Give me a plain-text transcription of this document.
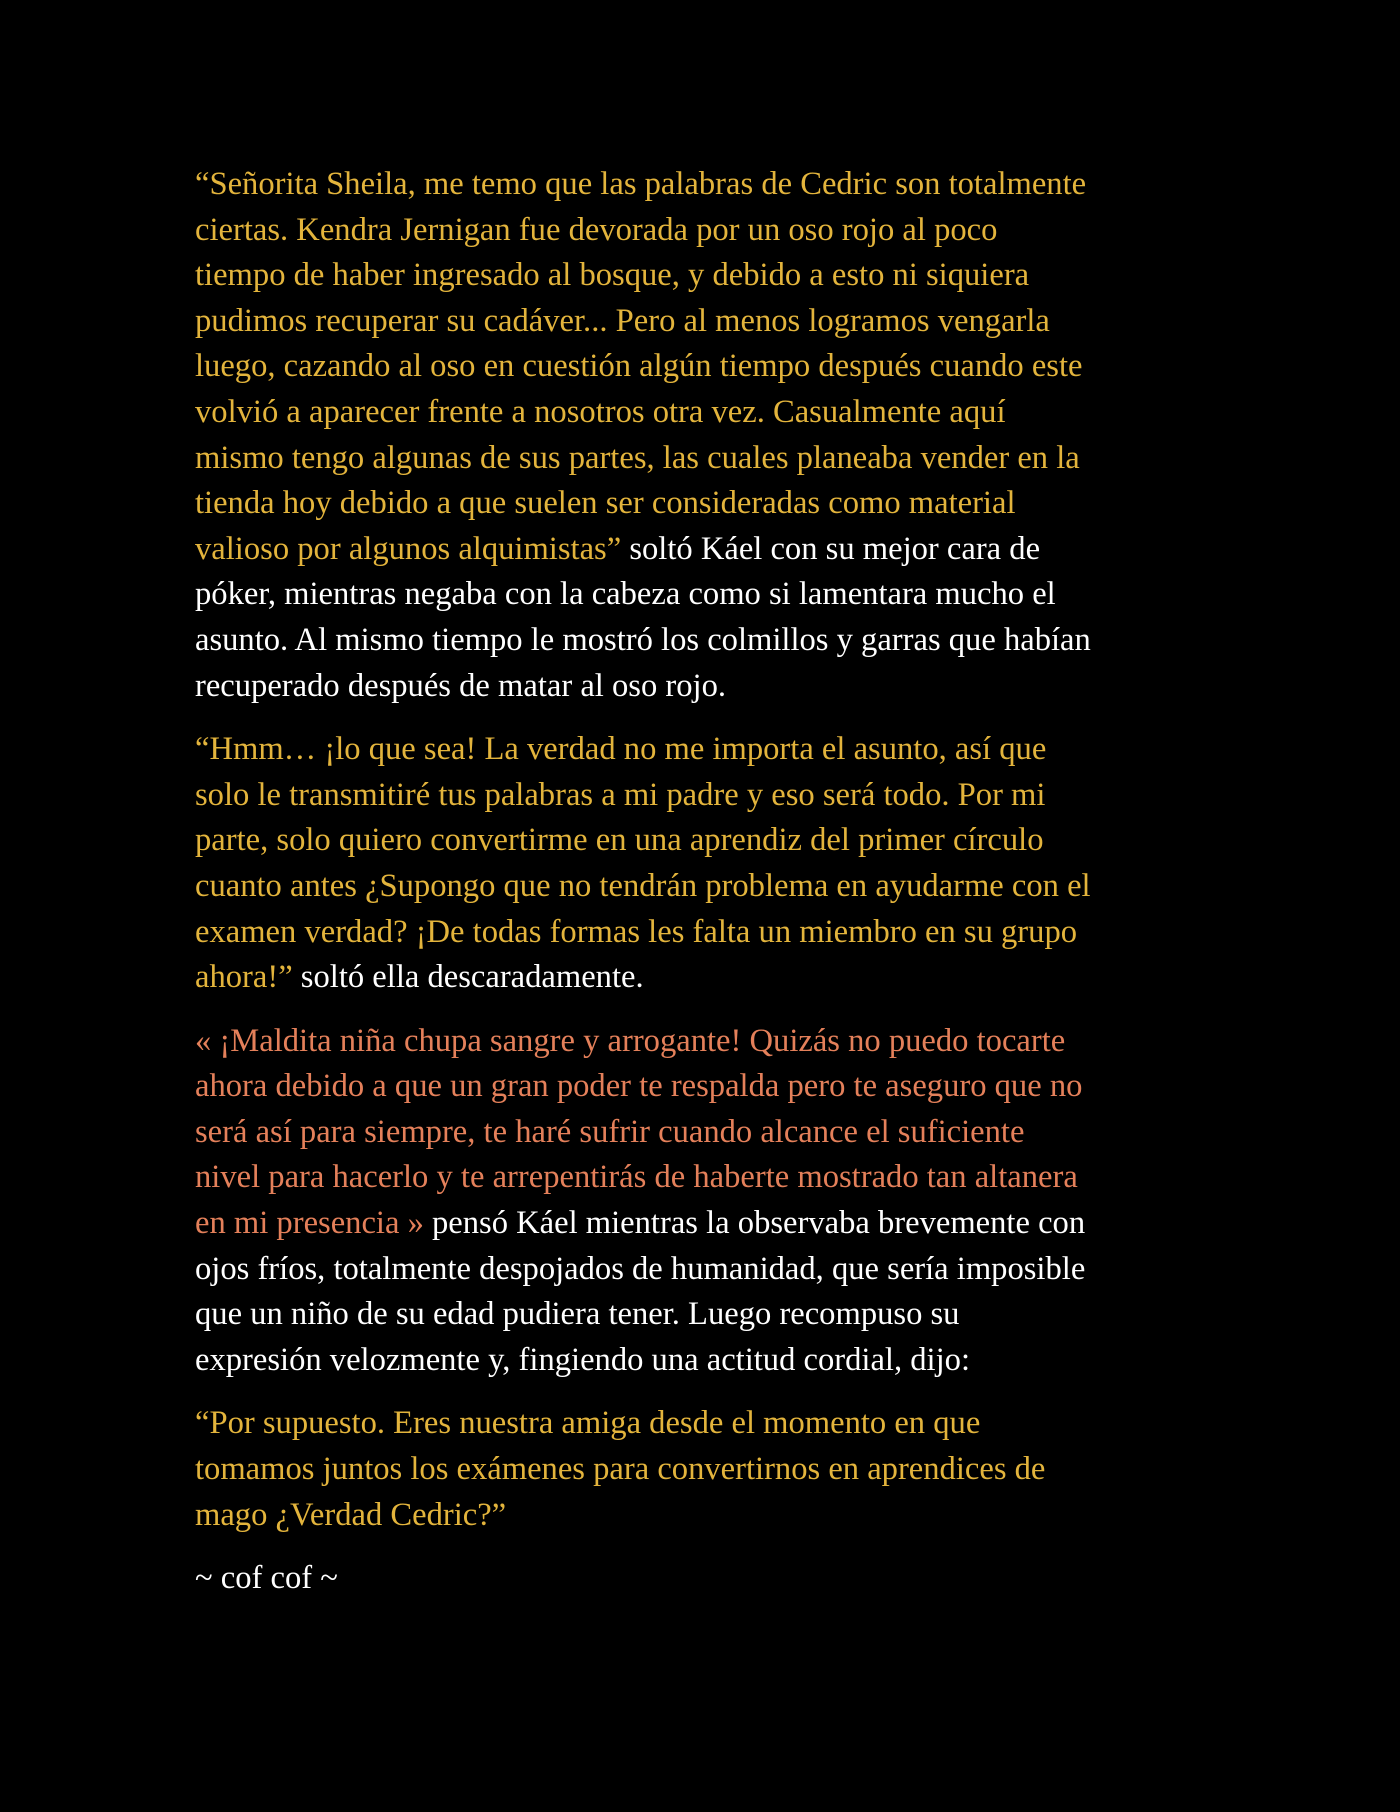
“Señorita Sheila, me temo que las palabras de Cedric son totalmente
ciertas. Kendra Jernigan fue devorada por un oso rojo al poco
tiempo de haber ingresado al bosque, y debido a esto ni siquiera
pudimos recuperar su cadáver... Pero al menos logramos vengarla
luego, cazando al oso en cuestión algún tiempo después cuando este
volvió a aparecer frente a nosotros otra vez. Casualmente aquí
mismo tengo algunas de sus partes, las cuales planeaba vender en la
tienda hoy debido a que suelen ser consideradas como material
valioso por algunos alquimistas” soltó Káel con su mejor cara de
póker, mientras negaba con la cabeza como si lamentara mucho el
asunto. Al mismo tiempo le mostró los colmillos y garras que habían
recuperado después de matar al oso rojo.
“Hmm… ¡lo que sea! La verdad no me importa el asunto, así que
solo le transmitiré tus palabras a mi padre y eso será todo. Por mi
parte, solo quiero convertirme en una aprendiz del primer círculo
cuanto antes ¿Supongo que no tendrán problema en ayudarme con el
examen verdad? ¡De todas formas les falta un miembro en su grupo
ahora!” soltó ella descaradamente.
« ¡Maldita niña chupa sangre y arrogante! Quizás no puedo tocarte
ahora debido a que un gran poder te respalda pero te aseguro que no
será así para siempre, te haré sufrir cuando alcance el suficiente
nivel para hacerlo y te arrepentirás de haberte mostrado tan altanera
en mi presencia » pensó Káel mientras la observaba brevemente con
ojos fríos, totalmente despojados de humanidad, que sería imposible
que un niño de su edad pudiera tener. Luego recompuso su
expresión velozmente y, fingiendo una actitud cordial, dijo:
“Por supuesto. Eres nuestra amiga desde el momento en que
tomamos juntos los exámenes para convertirnos en aprendices de
mago ¿Verdad Cedric?”
~ cof cof ~
